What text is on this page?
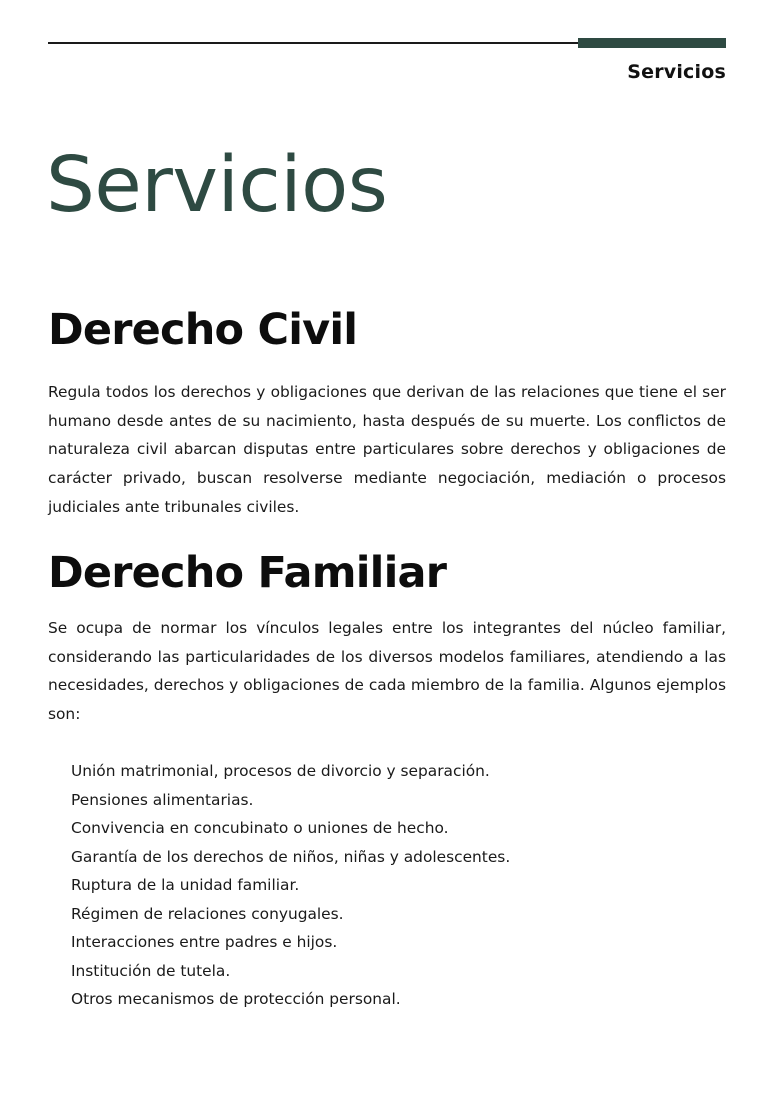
Servicios
Servicios
Derecho Civil

Regula todos los derechos y obligaciones que derivan de las relaciones que tiene el ser humano desde antes de su nacimiento, hasta después de su muerte. Los conflictos de naturaleza civil abarcan disputas entre particulares sobre derechos y obligaciones de carácter privado, buscan resolverse mediante negociación, mediación o procesos judiciales ante tribunales civiles.

Derecho Familiar

Se ocupa de normar los vínculos legales entre los integrantes del núcleo familiar, considerando las particularidades de los diversos modelos familiares, atendiendo a las necesidades, derechos y obligaciones de cada miembro de la familia. Algunos ejemplos son:

Unión matrimonial, procesos de divorcio y separación.
Pensiones alimentarias.
Convivencia en concubinato o uniones de hecho.
Garantía de los derechos de niños, niñas y adolescentes.
Ruptura de la unidad familiar.
Régimen de relaciones conyugales.
Interacciones entre padres e hijos.
Institución de tutela.
Otros mecanismos de protección personal.
